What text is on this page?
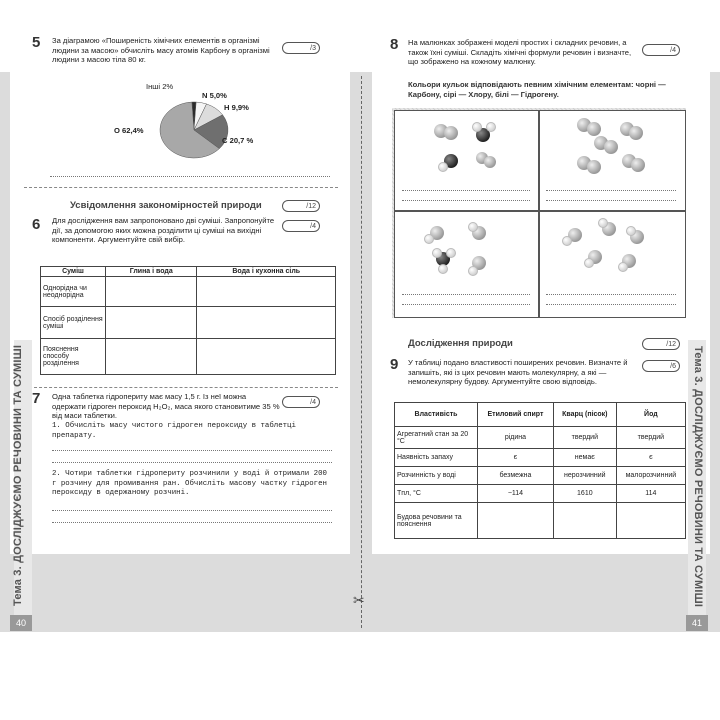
5 За діаграмою «Поширеність хімічних елементів в організмі людини за масою» обчисліть масу атомів Карбону в організмі людини з масою тіла 80 кг.
/3
Інші 2%
N 5,0%
H 9,9%
C 20,7 %
O 62,4%
Усвідомлення закономірностей природи	/12
6 Для дослідження вам запропоновано дві суміші. Запропонуйте дії, за допомогою яких можна розділити ці суміші на вихідні компоненти. Аргументуйте свій вибір.
/4
Суміш	Глина і вода	Вода і кухонна сіль
Однорідна чи неоднорідна		
Спосіб розділення суміші		
Пояснення способу розділення		
7 Одна таблетка гідропериту має масу 1,5 г. Із неї можна одержати гідроген пероксид H₂O₂, маса якого становитиме 35 % від маси таблетки.
/4
1. Обчисліть масу чистого гідроген пероксиду в таблетці препарату.
2. Чотири таблетки гідропериту розчинили у воді й отримали 200 г розчину для промивання ран. Обчисліть масову частку гідроген пероксиду в одержаному розчині.
Тема 3. ДОСЛІДЖУЄМО РЕЧОВИНИ ТА СУМІШІ
40
✂
8 На малюнках зображені моделі простих і складних речовин, а також їхні суміші. Складіть хімічні формули речовин і визначте, що зображено на кожному малюнку.
/4
Кольори кульок відповідають певним хімічним елементам: чорні — Карбону, сірі — Хлору, білі — Гідрогену.
Дослідження природи	/12
9 У таблиці подано властивості поширених речовин. Визначте й запишіть, які із цих речовин мають молекулярну, а які — немолекулярну будову. Аргументуйте свою відповідь.
/6
Властивість	Етиловий спирт	Кварц (пісок)	Йод
Агрегатний стан за 20 °С	рідина	твердий	твердий
Наявність запаху	є	немає	є
Розчинність у воді	безмежна	нерозчинний	малорозчинний
Tпл, °С	−114	1610	114
Будова речовини та пояснення				Тема 3. ДОСЛІДЖУЄМО РЕЧОВИНИ ТА СУМІШІ
41
